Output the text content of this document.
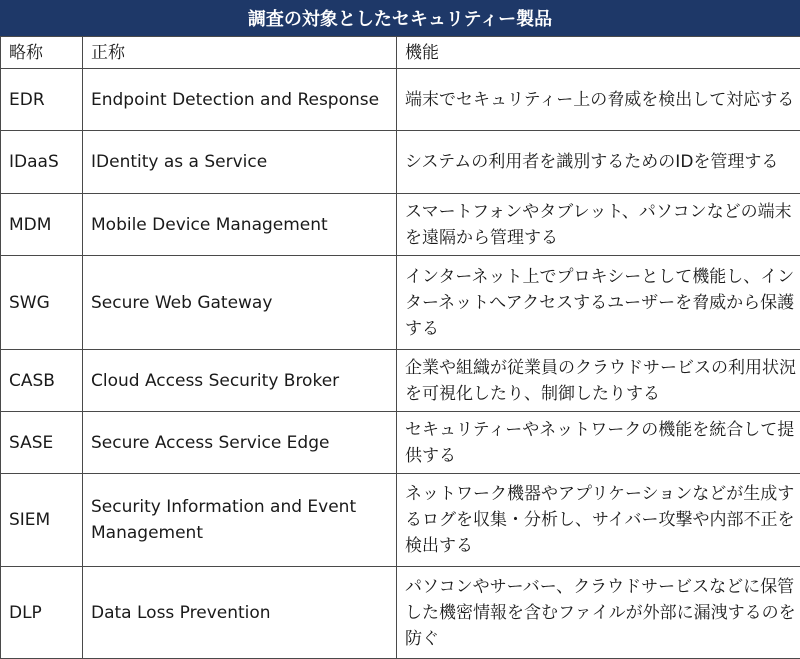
調査の対象としたセキュリティー製品
略称	正称	機能
EDR	Endpoint Detection and Response	端末でセキュリティー上の脅威を検出して対応する
IDaaS	IDentity as a Service	システムの利用者を識別するためのIDを管理する
MDM	Mobile Device Management	スマートフォンやタブレット、パソコンなどの端末を遠隔から管理する
SWG	Secure Web Gateway	インターネット上でプロキシーとして機能し、インターネットへアクセスするユーザーを脅威から保護する
CASB	Cloud Access Security Broker	企業や組織が従業員のクラウドサービスの利用状況を可視化したり、制御したりする
SASE	Secure Access Service Edge	セキュリティーやネットワークの機能を統合して提供する
SIEM	Security Information and Event Management	ネットワーク機器やアプリケーションなどが生成するログを収集・分析し、サイバー攻撃や内部不正を検出する
DLP	Data Loss Prevention	パソコンやサーバー、クラウドサービスなどに保管した機密情報を含むファイルが外部に漏洩するのを防ぐ
